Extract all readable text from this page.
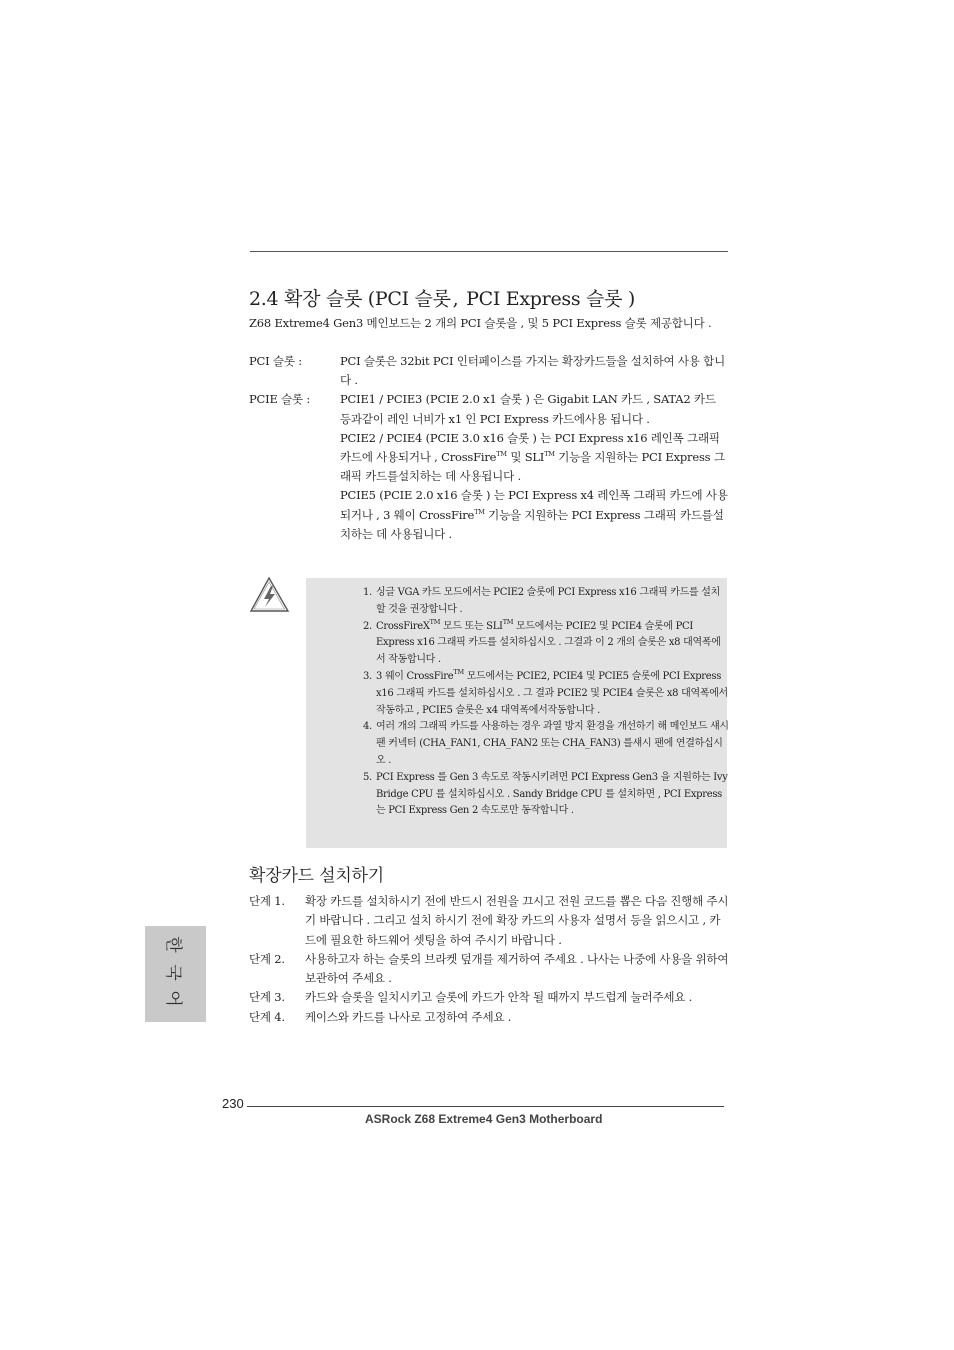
2.4 확장 슬롯 (PCI 슬롯 , PCI Express 슬롯 )
Z68 Extreme4 Gen3 메인보드는 2 개의 PCI 슬롯을 , 및 5 PCI Express 슬롯 제공합니다 .
PCI 슬롯 :	PCI 슬롯은 32bit PCI 인터페이스를 가지는 확장카드들을 설치하여 사용 합니다 .

PCIE 슬롯 :	PCIE1 / PCIE3 (PCIE 2.0 x1 슬롯 ) 은 Gigabit LAN 카드 , SATA2 카드 등과같이 레인 너비가 x1 인 PCI Express 카드에사용 됩니다 .

PCIE2 / PCIE4 (PCIE 3.0 x16 슬롯 ) 는 PCI Express x16 레인폭 그래픽카드에 사용되거나 , CrossFire™ 및 SLI™ 기능을 지원하는 PCI Express 그래픽 카드를설치하는 데 사용됩니다 .

PCIE5 (PCIE 2.0 x16 슬롯 ) 는 PCI Express x4 레인폭 그래픽 카드에 사용되거나 , 3 웨이 CrossFire™ 기능을 지원하는 PCI Express 그래픽 카드를설치하는 데 사용됩니다 .

1. 싱글 VGA 카드 모드에서는 PCIE2 슬롯에 PCI Express x16 그래픽 카드를 설치할 것을 권장합니다 .
2. CrossFireX™ 모드 또는 SLI™ 모드에서는 PCIE2 및 PCIE4 슬롯에 PCI Express x16 그래픽 카드를 설치하십시오 . 그결과 이 2 개의 슬롯은 x8 대역폭에서 작동합니다 .
3. 3 웨이 CrossFire™ 모드에서는 PCIE2, PCIE4 및 PCIE5 슬롯에 PCI Express x16 그래픽 카드를 설치하십시오 . 그 결과 PCIE2 및 PCIE4 슬롯은 x8 대역폭에서 작동하고 , PCIE5 슬롯은 x4 대역폭에서작동합니다 .
4. 여러 개의 그래픽 카드를 사용하는 경우 과열 방지 환경을 개선하기 해 메인보드 섀시 팬 커넥터 (CHA_FAN1, CHA_FAN2 또는 CHA_FAN3) 를섀시 팬에 연결하십시오 .
5. PCI Express 를 Gen 3 속도로 작동시키려면 PCI Express Gen3 을 지원하는 Ivy Bridge CPU 를 설치하십시오 . Sandy Bridge CPU 를 설치하면 , PCI Express 는 PCI Express Gen 2 속도로만 동작합니다 .
확장카드 설치하기
단계 1. 확장 카드를 설치하시기 전에 반드시 전원을 끄시고 전원 코드를 뽑은 다음 진행해 주시기 바랍니다 . 그리고 설치 하시기 전에 확장 카드의 사용자 설명서 등을 읽으시고 , 카드에 필요한 하드웨어 셋팅을 하여 주시기 바랍니다 .
단계 2. 사용하고자 하는 슬롯의 브라켓 덮개를 제거하여 주세요 . 나사는 나중에 사용을 위하여 보관하여 주세요 .
단계 3. 카드와 슬롯을 일치시키고 슬롯에 카드가 안착 될 때까지 부드럽게 눌러주세요 .
단계 4. 케이스와 카드를 나사로 고정하여 주세요 .
한
국
어
230
ASRock Z68 Extreme4 Gen3 Motherboard
